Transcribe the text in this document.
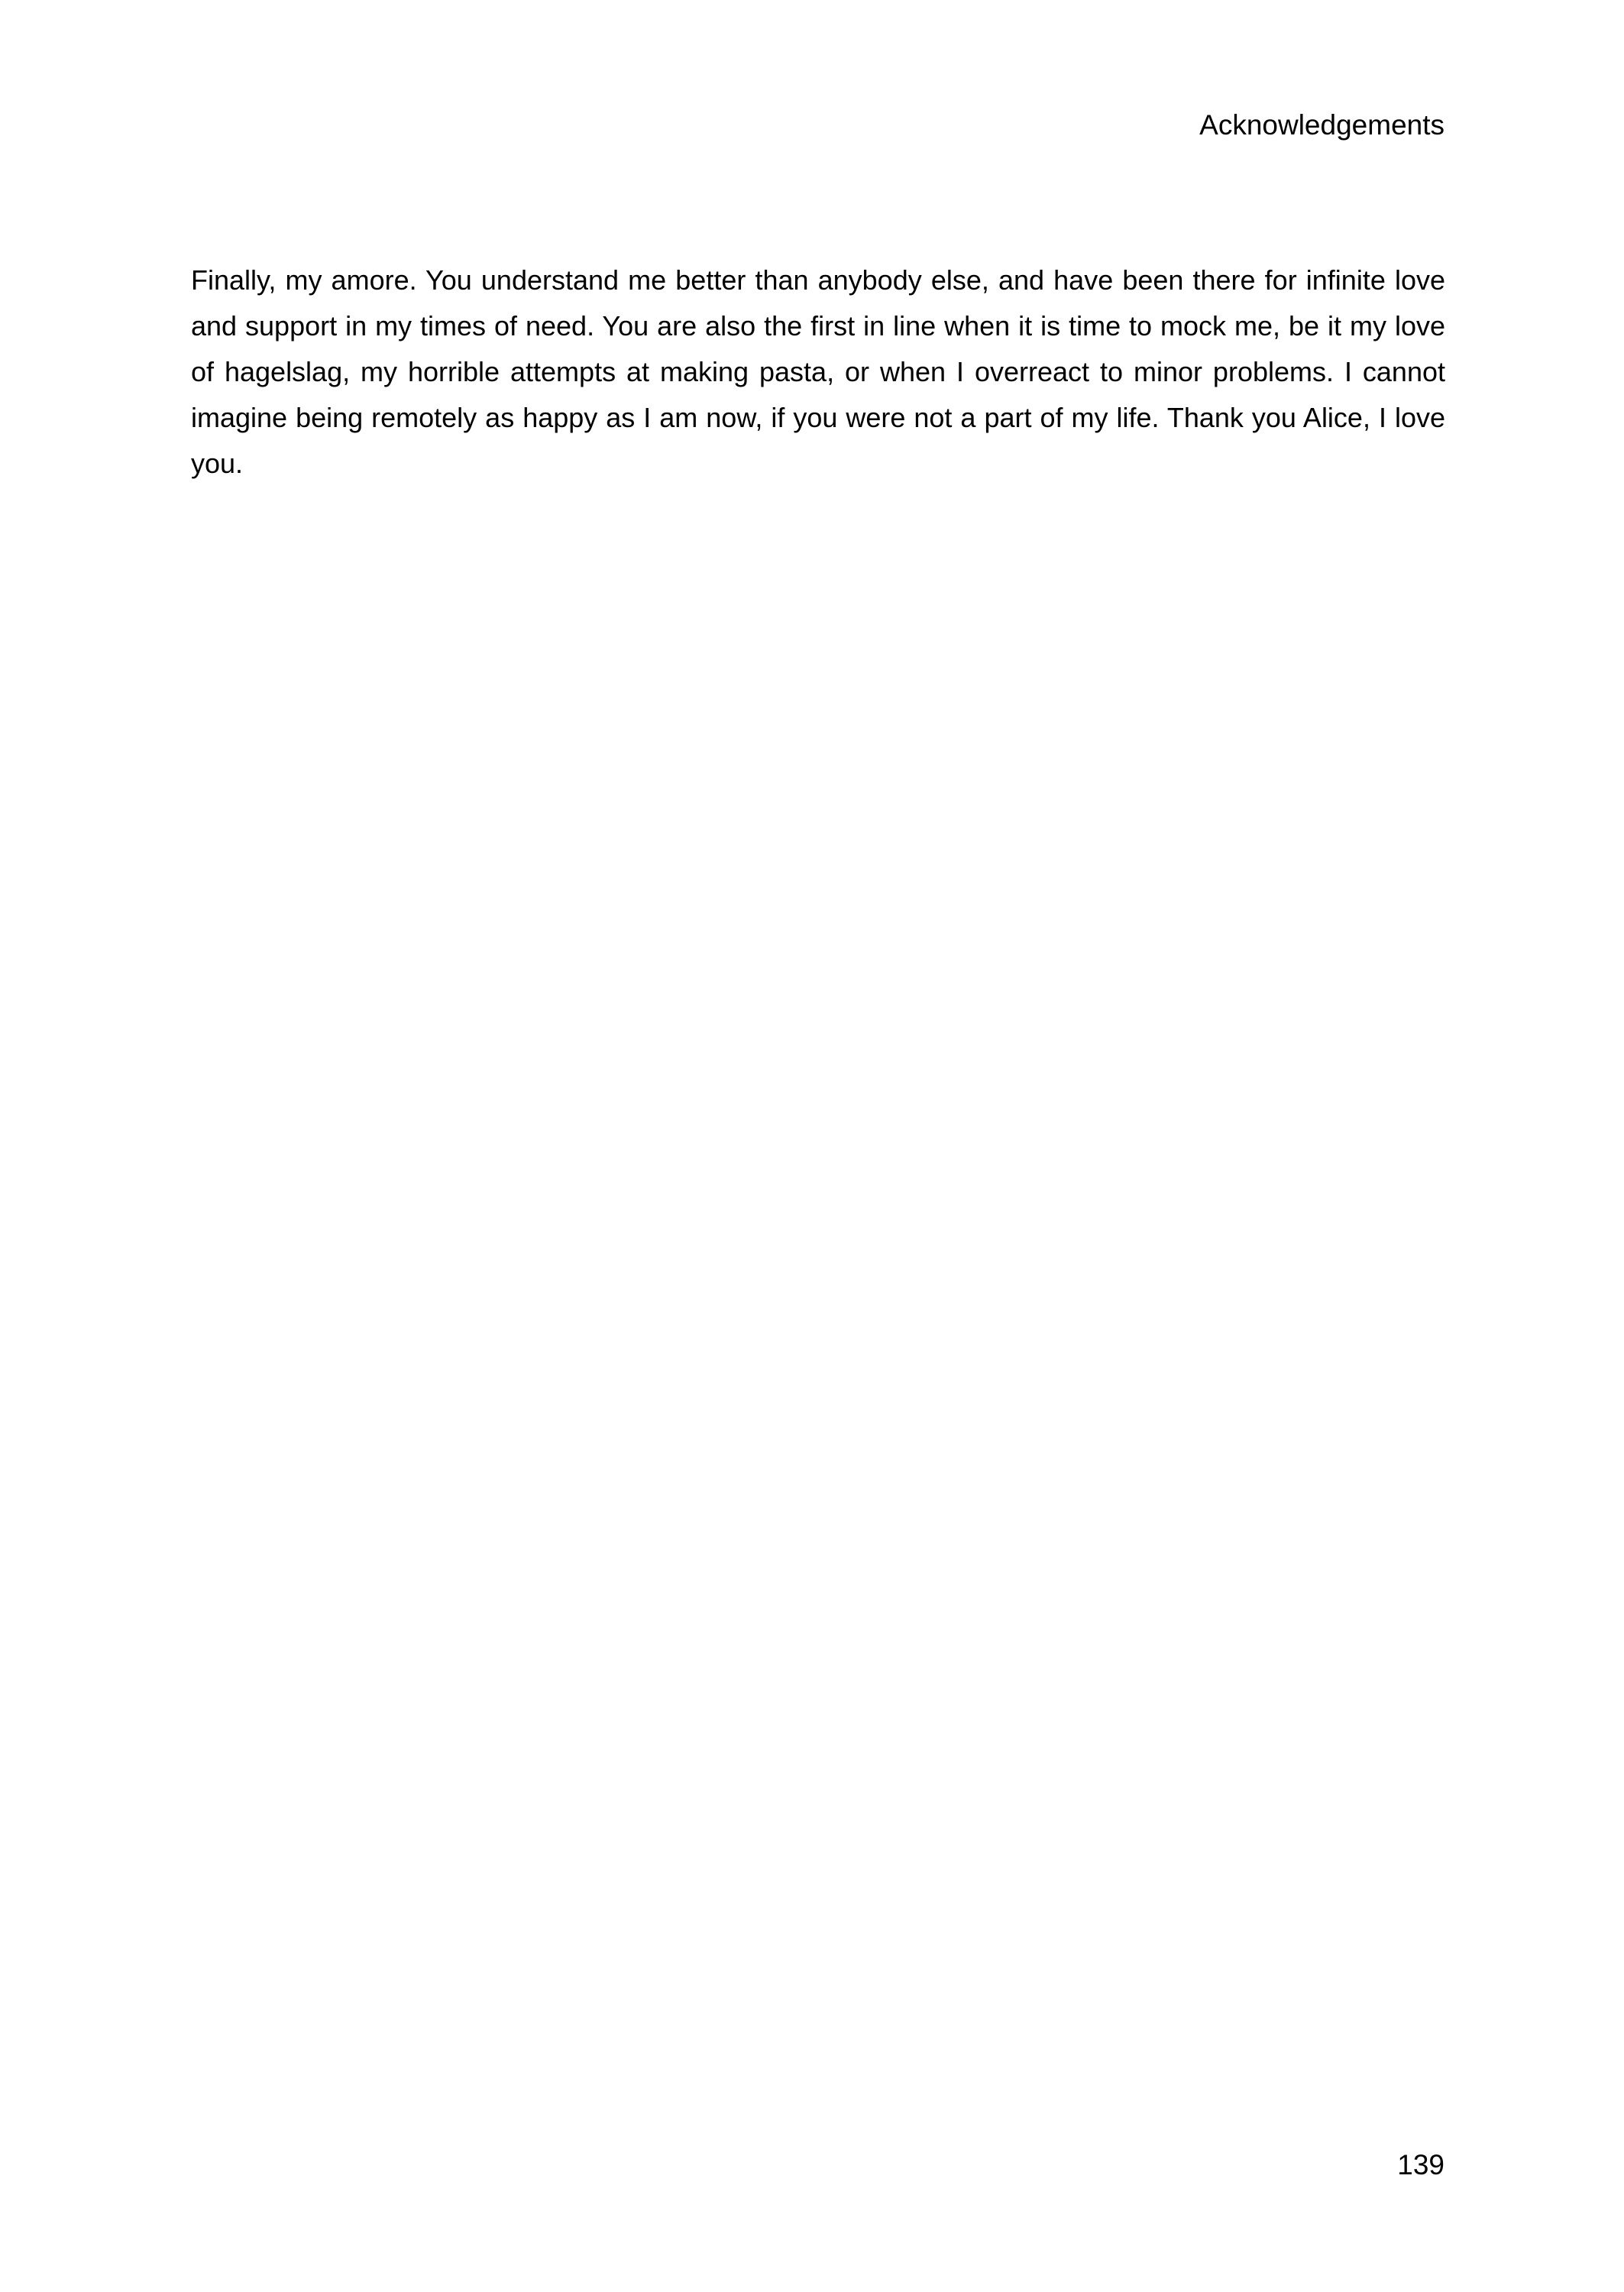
Acknowledgements

Finally, my amore. You understand me better than anybody else, and have been there for infinite love and support in my times of need. You are also the first in line when it is time to mock me, be it my love of hagelslag, my horrible attempts at making pasta, or when I overreact to minor problems. I cannot imagine being remotely as happy as I am now, if you were not a part of my life. Thank you Alice, I love you.

139
